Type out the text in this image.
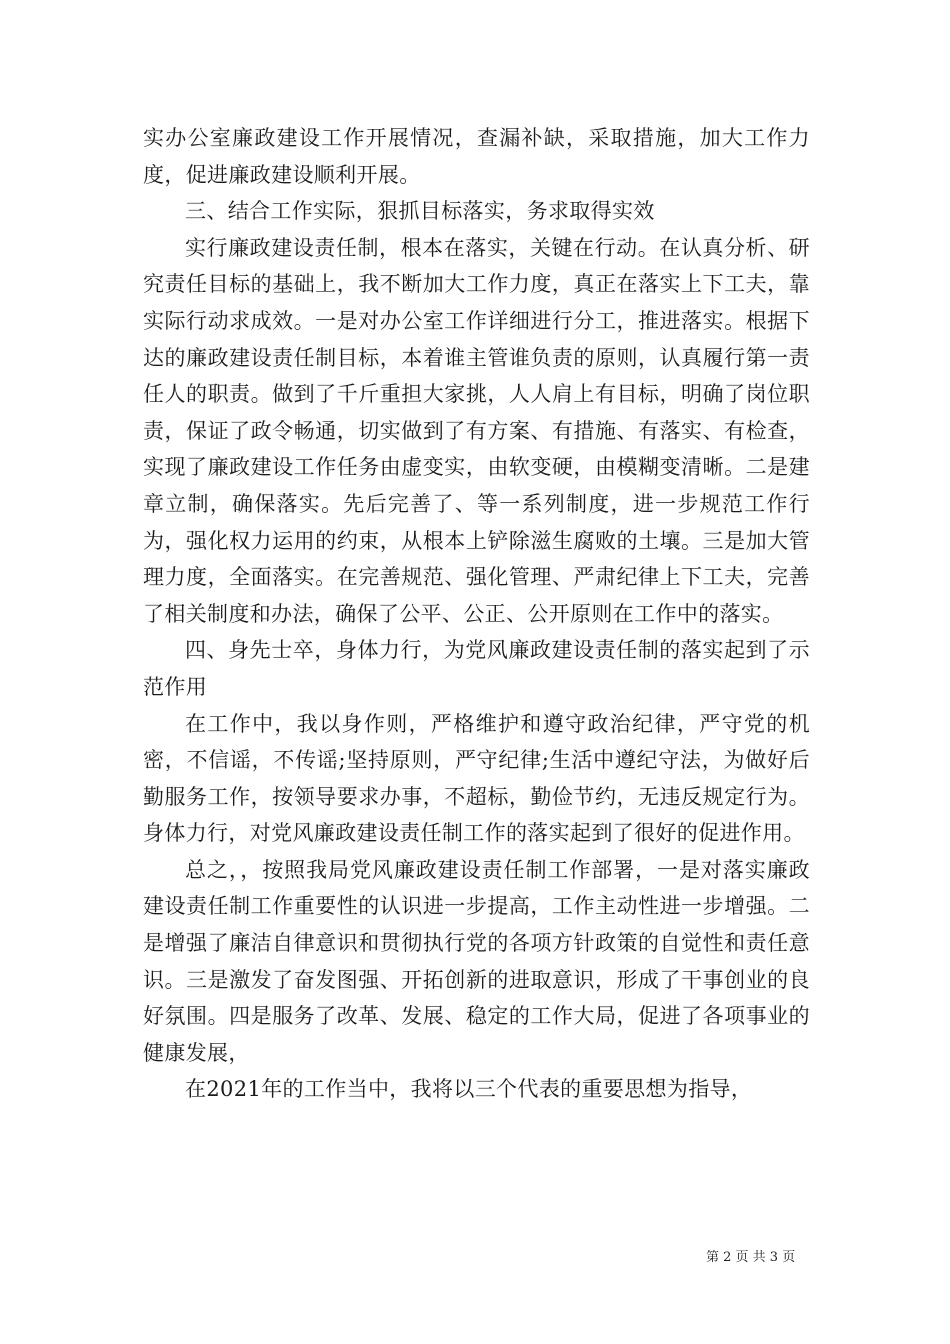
实办公室廉政建设工作开展情况，查漏补缺，采取措施，加大工作力度，促进廉政建设顺利开展。

三、结合工作实际，狠抓目标落实，务求取得实效

实行廉政建设责任制，根本在落实，关键在行动。在认真分析、研究责任目标的基础上，我不断加大工作力度，真正在落实上下工夫，靠实际行动求成效。一是对办公室工作详细进行分工，推进落实。根据下达的廉政建设责任制目标，本着谁主管谁负责的原则，认真履行第一责任人的职责。做到了千斤重担大家挑，人人肩上有目标，明确了岗位职责，保证了政令畅通，切实做到了有方案、有措施、有落实、有检查，实现了廉政建设工作任务由虚变实，由软变硬，由模糊变清晰。二是建章立制，确保落实。先后完善了、等一系列制度，进一步规范工作行为，强化权力运用的约束，从根本上铲除滋生腐败的土壤。三是加大管理力度，全面落实。在完善规范、强化管理、严肃纪律上下工夫，完善了相关制度和办法，确保了公平、公正、公开原则在工作中的落实。

四、身先士卒，身体力行，为党风廉政建设责任制的落实起到了示范作用

在工作中，我以身作则，严格维护和遵守政治纪律，严守党的机密，不信谣，不传谣;坚持原则，严守纪律;生活中遵纪守法，为做好后勤服务工作，按领导要求办事，不超标，勤俭节约，无违反规定行为。身体力行，对党风廉政建设责任制工作的落实起到了很好的促进作用。

总之，，按照我局党风廉政建设责任制工作部署，一是对落实廉政建设责任制工作重要性的认识进一步提高，工作主动性进一步增强。二是增强了廉洁自律意识和贯彻执行党的各项方针政策的自觉性和责任意识。三是激发了奋发图强、开拓创新的进取意识，形成了干事创业的良好氛围。四是服务了改革、发展、稳定的工作大局，促进了各项事业的健康发展，

在2021年的工作当中，我将以三个代表的重要思想为指导，

第 2 页 共 3 页
